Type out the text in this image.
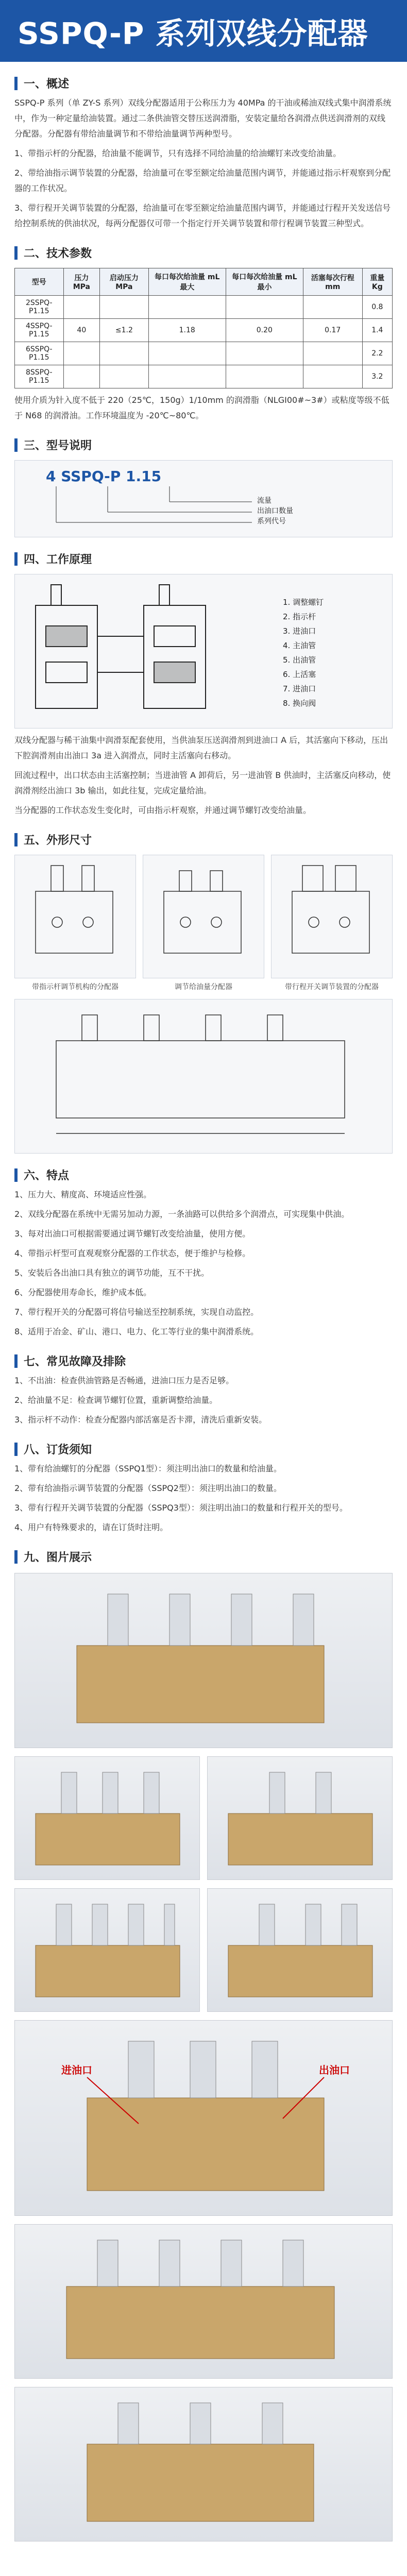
SSPQ-P 系列双线分配器
一、概述

SSPQ-P 系列（单 ZY-S 系列）双线分配器适用于公称压力为 40MPa 的干油或稀油双线式集中润滑系统中，作为一种定量给油装置。通过二条供油管交替压送润滑脂，安装定量给各润滑点供送润滑剂的双线分配器。分配器有带给油量调节和不带给油量调节两种型号。

1、带指示杆的分配器，给油量不能调节，只有选择不同给油量的给油螺钉来改变给油量。

2、带给油指示调节装置的分配器，给油量可在零至额定给油量范围内调节，并能通过指示杆观察到分配器的工作状况。

3、带行程开关调节装置的分配器，给油量可在零至额定给油量范围内调节，并能通过行程开关发送信号给控制系统的供油状况，每两分配器仅可带一个指定行开关调节装置和带行程调节装置三种型式。

二、技术参数
型号	压力 MPa	启动压力 MPa	每口每次给油量 mL 最大	每口每次给油量 mL 最小	活塞每次行程 mm	重量 Kg
2SSPQ-P1.15						0.8
4SSPQ-P1.15	40	≤1.2	1.18	0.20	0.17	1.4
6SSPQ-P1.15						2.2
8SSPQ-P1.15						3.2

使用介质为针入度不低于 220（25℃，150g）1/10mm 的润滑脂（NLGI00#~3#）或粘度等级不低于 N68 的润滑油。工作环境温度为 -20℃~80℃。

三、型号说明
4 SSPQ-P 1.15
流量
出油口数量
系列代号
四、工作原理
1. 调整螺钉
2. 指示杆
3. 进油口
4. 主油管
5. 出油管
6. 上活塞
7. 进油口
8. 换向阀

双线分配器与稀干油集中润滑泵配套使用，当供油泵压送润滑剂到进油口 A 后，其活塞向下移动，压出下腔润滑剂由出油口 3a 进入润滑点，同时主活塞向右移动。

回流过程中，出口状态由主活塞控制；当进油管 A 卸荷后，另一进油管 B 供油时，主活塞反向移动，使润滑剂经出油口 3b 输出，如此往复，完成定量给油。

当分配器的工作状态发生变化时，可由指示杆观察，并通过调节螺钉改变给油量。

五、外形尺寸
带指示杆调节机构的分配器	调节给油量分配器	带行程开关调节装置的分配器
六、特点

1、压力大、精度高、环境适应性强。

2、双线分配器在系统中无需另加动力源，一条油路可以供给多个润滑点，可实现集中供油。

3、每对出油口可根据需要通过调节螺钉改变给油量，使用方便。

4、带指示杆型可直观观察分配器的工作状态，便于维护与检修。

5、安装后各出油口具有独立的调节功能，互不干扰。

6、分配器使用寿命长，维护成本低。

7、带行程开关的分配器可将信号输送至控制系统，实现自动监控。

8、适用于冶金、矿山、港口、电力、化工等行业的集中润滑系统。

七、常见故障及排除

1、不出油：检查供油管路是否畅通，进油口压力是否足够。

2、给油量不足：检查调节螺钉位置，重新调整给油量。

3、指示杆不动作：检查分配器内部活塞是否卡滞，清洗后重新安装。

八、订货须知

1、带有给油螺钉的分配器（SSPQ1型）：须注明出油口的数量和给油量。

2、带有给油指示调节装置的分配器（SSPQ2型）：须注明出油口的数量。

3、带有行程开关调节装置的分配器（SSPQ3型）：须注明出油口的数量和行程开关的型号。

4、用户有特殊要求的，请在订货时注明。

九、图片展示
进油口	出油口
